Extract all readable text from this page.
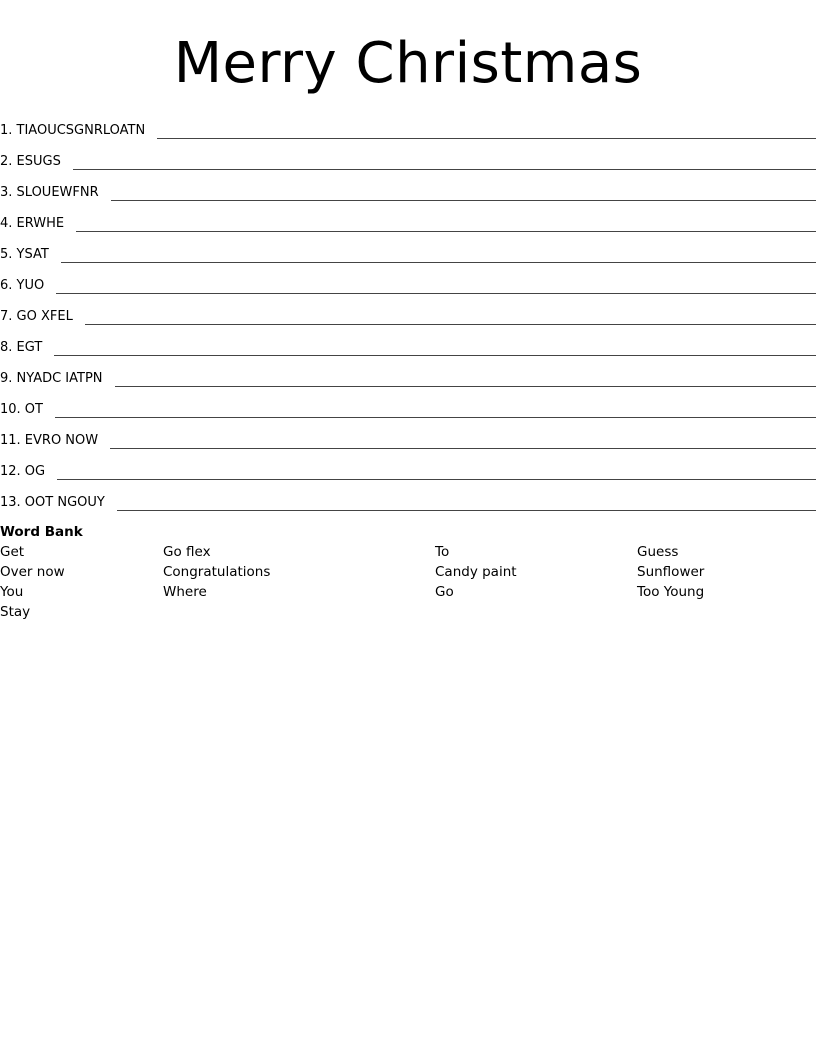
Merry Christmas
1. TIAOUCSGNRLOATN
2. ESUGS
3. SLOUEWFNR
4. ERWHE
5. YSAT
6. YUO
7. GO XFEL
8. EGT
9. NYADC IATPN
10. OT
11. EVRO NOW
12. OG
13. OOT NGOUY
Word Bank
Get	Go flex	To	Guess
Over now	Congratulations	Candy paint	Sunflower
You	Where	Go	Too Young
Stay
